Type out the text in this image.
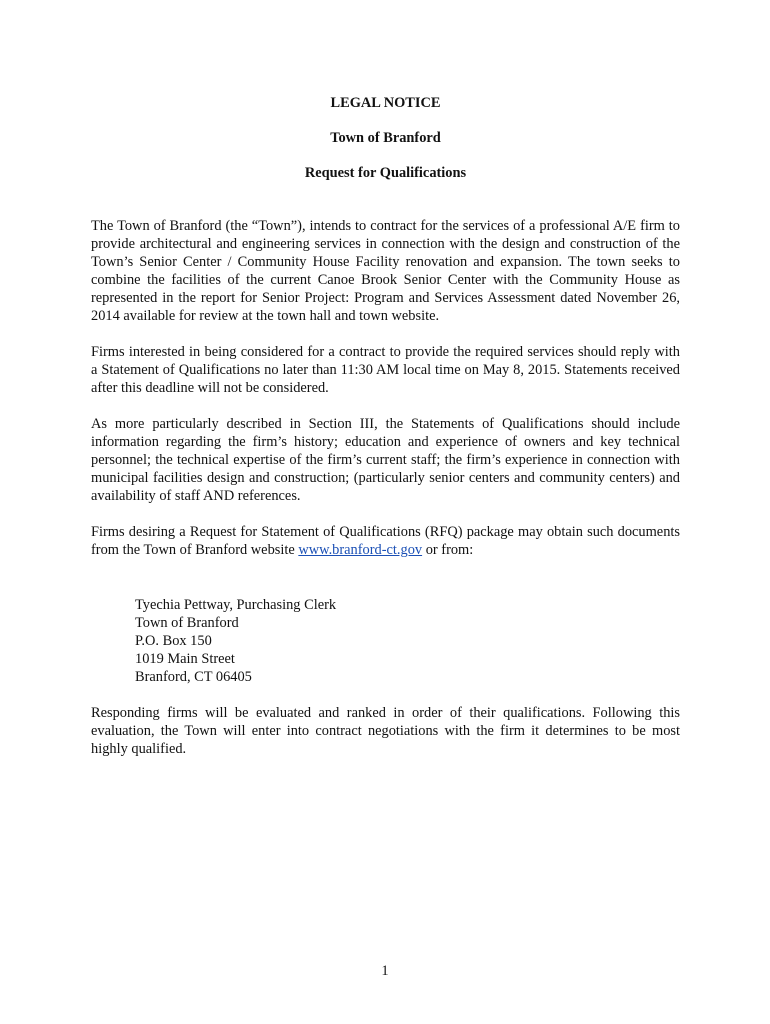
LEGAL NOTICE

Town of Branford

Request for Qualifications

The Town of Branford (the “Town”), intends to contract for the services of a professional A/E firm to provide architectural and engineering services in connection with the design and construction of the Town’s Senior Center / Community House Facility renovation and expansion. The town seeks to combine the facilities of the current Canoe Brook Senior Center with the Community House as represented in the report for Senior Project: Program and Services Assessment dated November 26, 2014 available for review at the town hall and town website.

Firms interested in being considered for a contract to provide the required services should reply with a Statement of Qualifications no later than 11:30 AM local time on May 8, 2015. Statements received after this deadline will not be considered.

As more particularly described in Section III, the Statements of Qualifications should include information regarding the firm’s history; education and experience of owners and key technical personnel; the technical expertise of the firm’s current staff; the firm’s experience in connection with municipal facilities design and construction; (particularly senior centers and community centers) and availability of staff AND references.

Firms desiring a Request for Statement of Qualifications (RFQ) package may obtain such documents from the Town of Branford website www.branford-ct.gov or from:

Tyechia Pettway, Purchasing Clerk
Town of Branford
P.O. Box 150
1019 Main Street
Branford, CT 06405

Responding firms will be evaluated and ranked in order of their qualifications. Following this evaluation, the Town will enter into contract negotiations with the firm it determines to be most highly qualified.

1
